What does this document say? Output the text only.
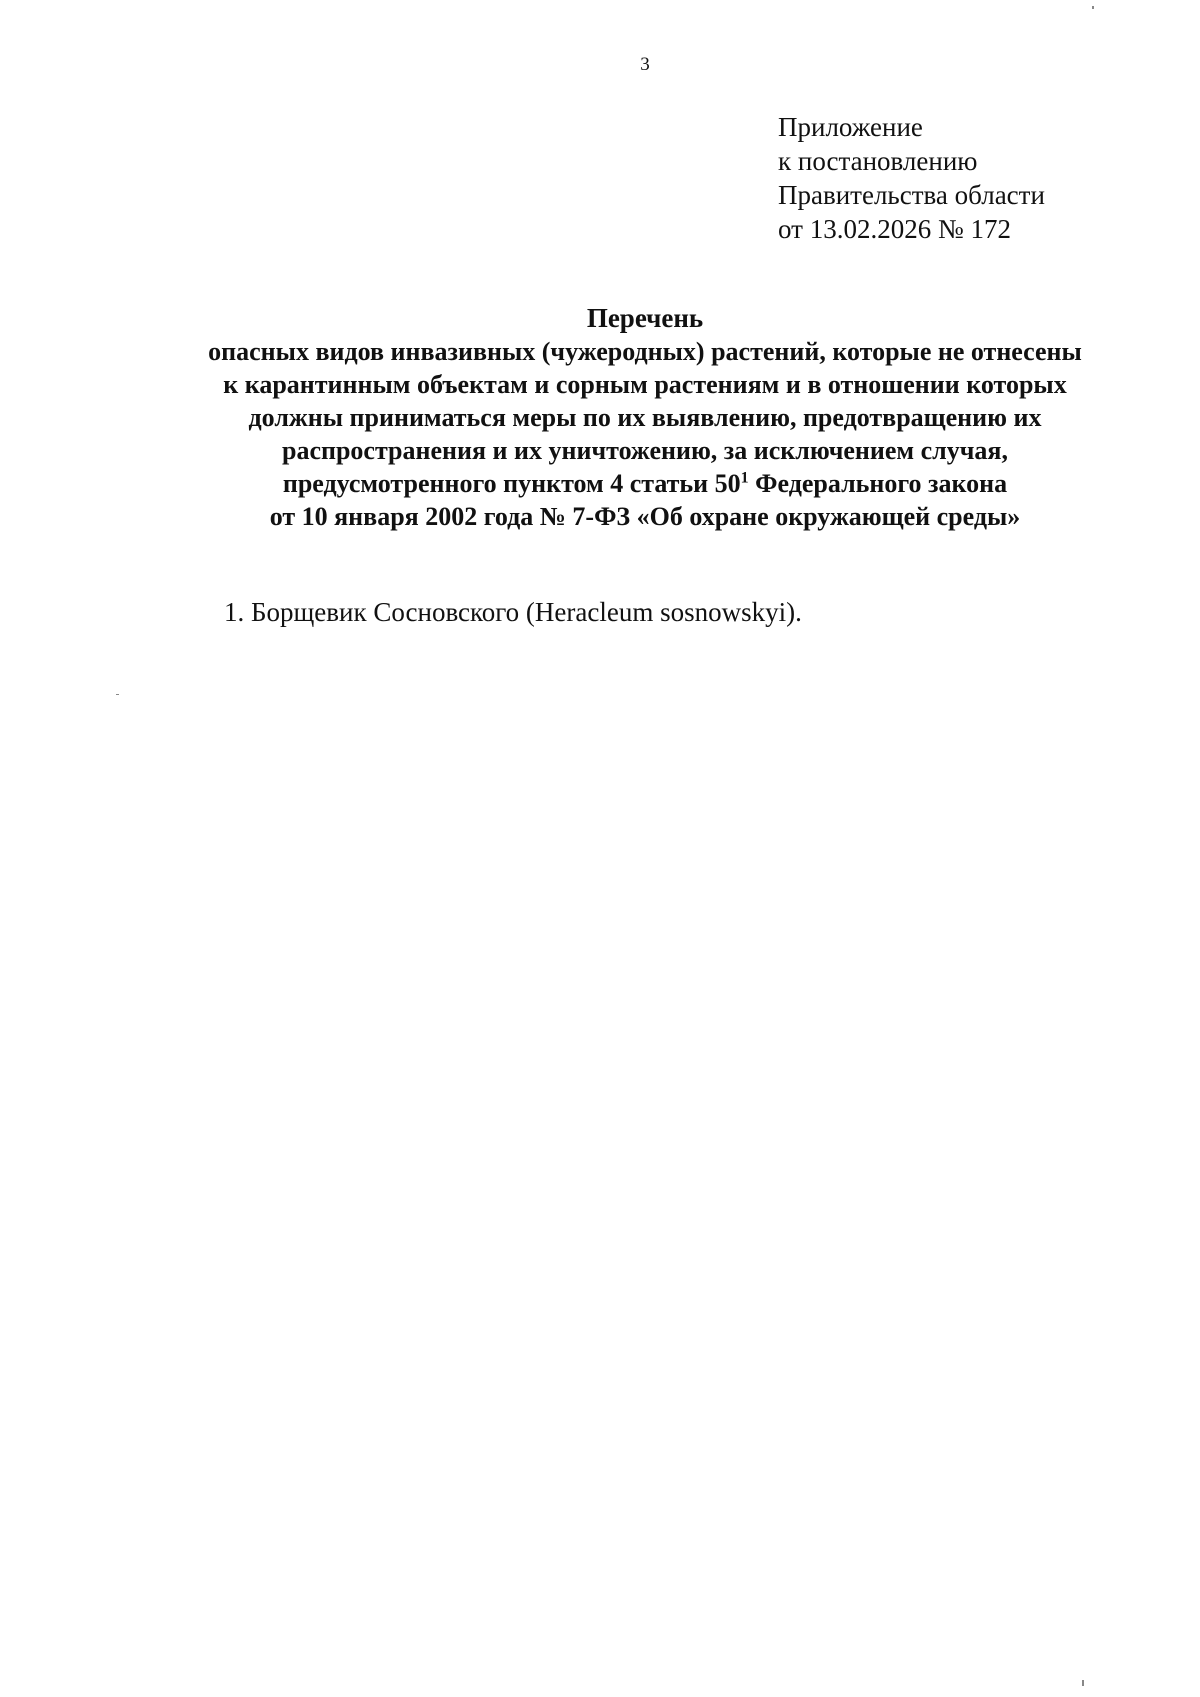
3
Приложение
к постановлению
Правительства области
от 13.02.2026 № 172
Перечень
опасных видов инвазивных (чужеродных) растений, которые не отнесены
к карантинным объектам и сорным растениям и в отношении которых
должны приниматься меры по их выявлению, предотвращению их
распространения и их уничтожению, за исключением случая,
предусмотренного пунктом 4 статьи $50^1$ Федерального закона
от 10 января 2002 года № 7-ФЗ «Об охране окружающей среды»
1. Борщевик Сосновского (Heracleum sosnowskyi).
